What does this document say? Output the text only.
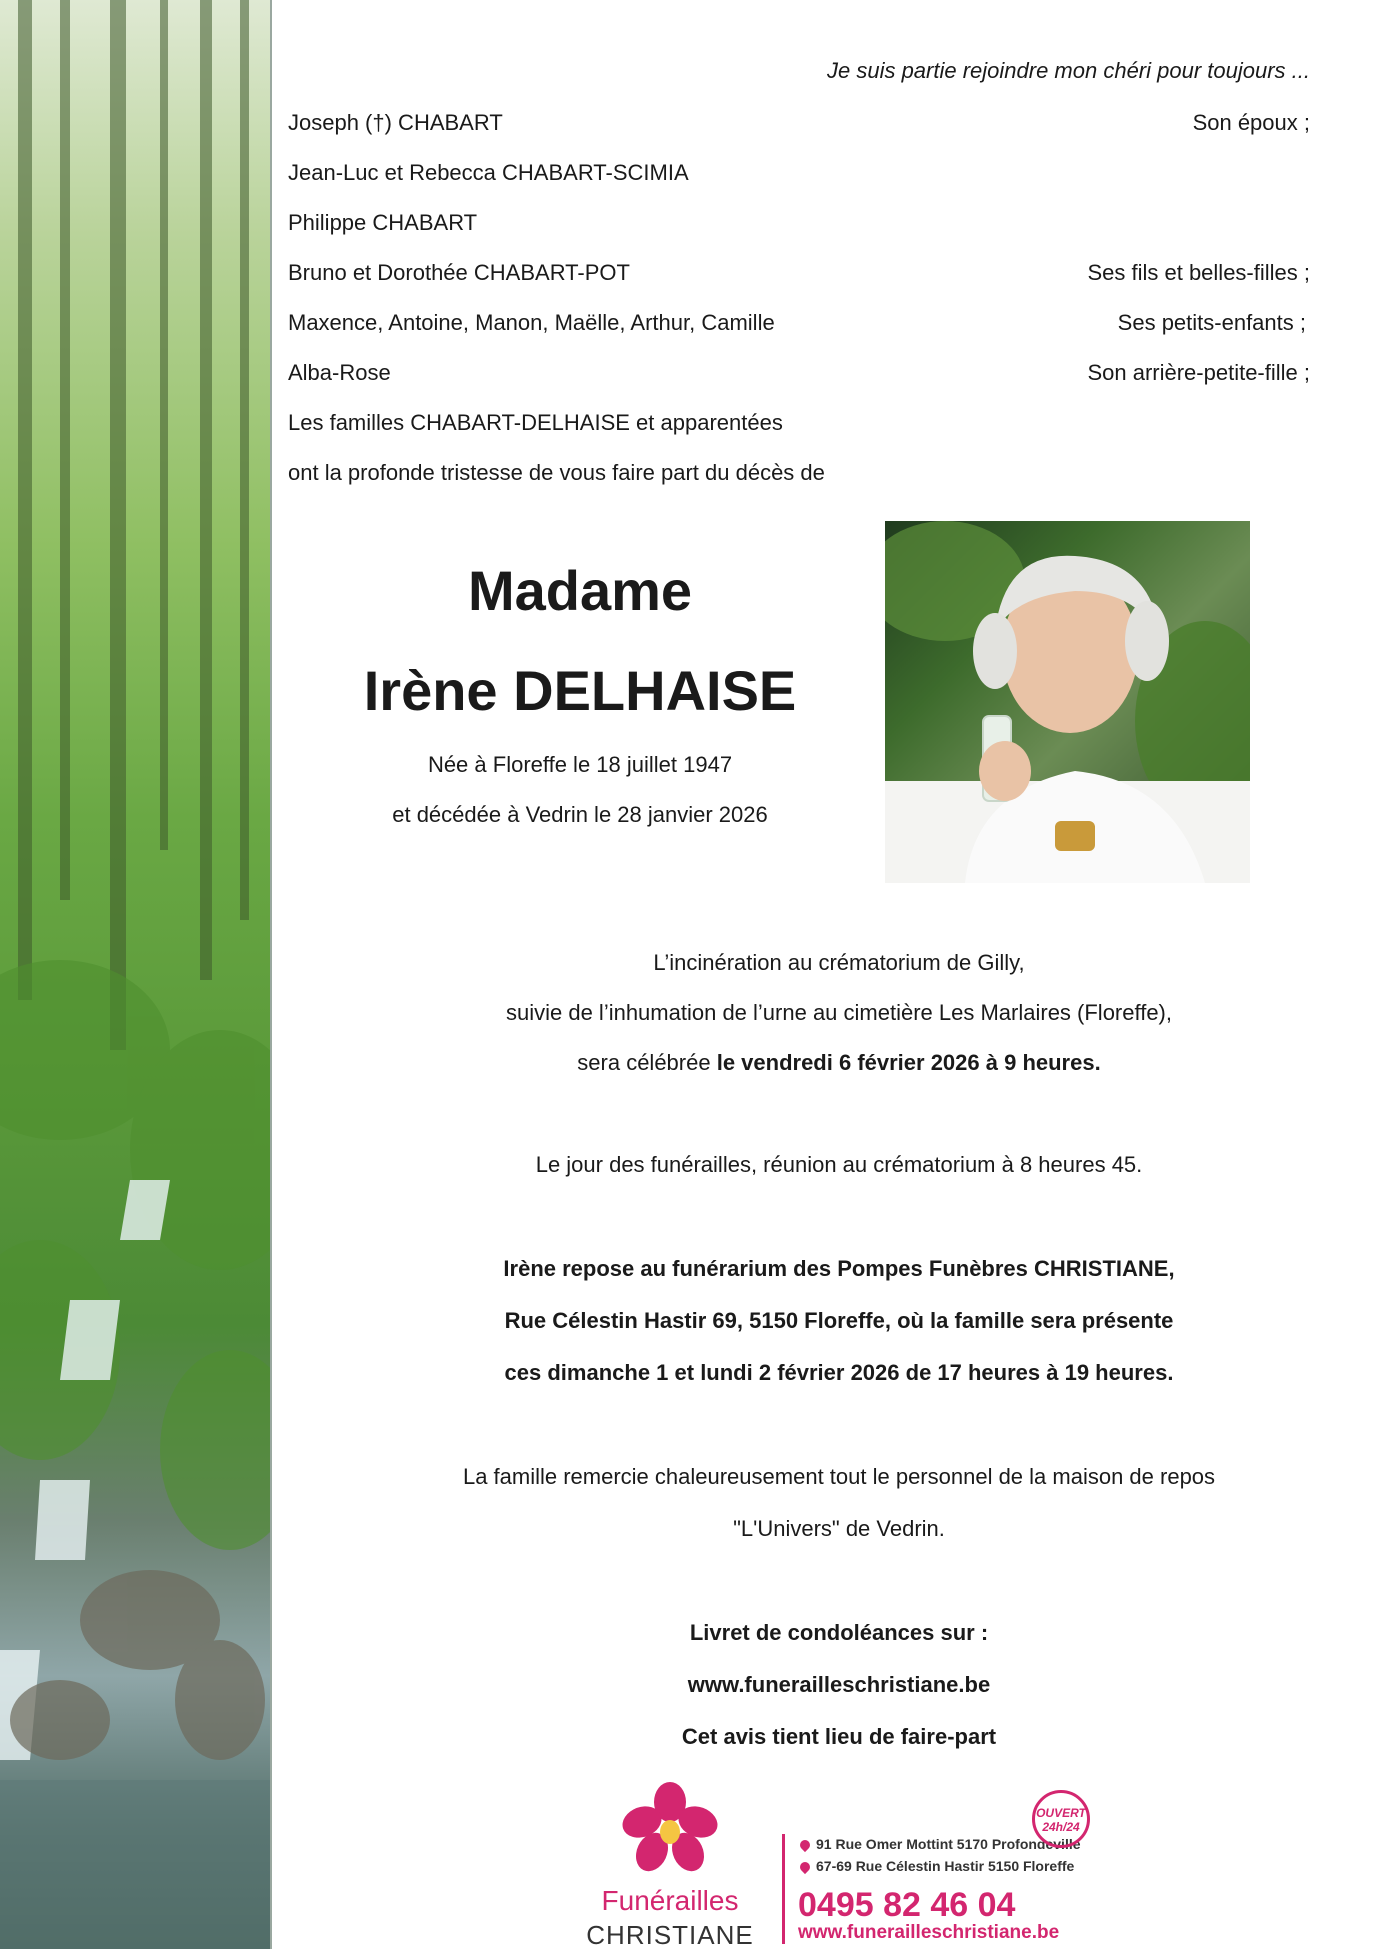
Je suis partie rejoindre mon chéri pour toujours ...
Joseph (†) CHABART	Son époux ;
Jean-Luc et Rebecca CHABART-SCIMIA
Philippe CHABART
Bruno et Dorothée CHABART-POT	Ses fils et belles-filles ;
Maxence, Antoine, Manon, Maëlle, Arthur, Camille	Ses petits-enfants ;
Alba-Rose	Son arrière-petite-fille ;
Les familles CHABART-DELHAISE et apparentées
ont la profonde tristesse de vous faire part du décès de
Madame
Irène DELHAISE
Née à Floreffe le 18 juillet 1947
et décédée à Vedrin le 28 janvier 2026
L’incinération au crématorium de Gilly,
suivie de l’inhumation de l’urne au cimetière Les Marlaires (Floreffe),
sera célébrée le vendredi 6 février 2026 à 9 heures.
Le jour des funérailles, réunion au crématorium à 8 heures 45.
Irène repose au funérarium des Pompes Funèbres CHRISTIANE,
Rue Célestin Hastir 69, 5150 Floreffe, où la famille sera présente
ces dimanche 1 et lundi 2 février 2026 de 17 heures à 19 heures.
La famille remercie chaleureusement tout le personnel de la maison de repos
"L'Univers" de Vedrin.
Livret de condoléances sur :
www.funerailleschristiane.be
Cet avis tient lieu de faire-part
Funérailles
CHRISTIANE
91 Rue Omer Mottint 5170 Profondeville
67-69 Rue Célestin Hastir 5150 Floreffe
0495 82 46 04
www.funerailleschristiane.be
OUVERT
24h/24
